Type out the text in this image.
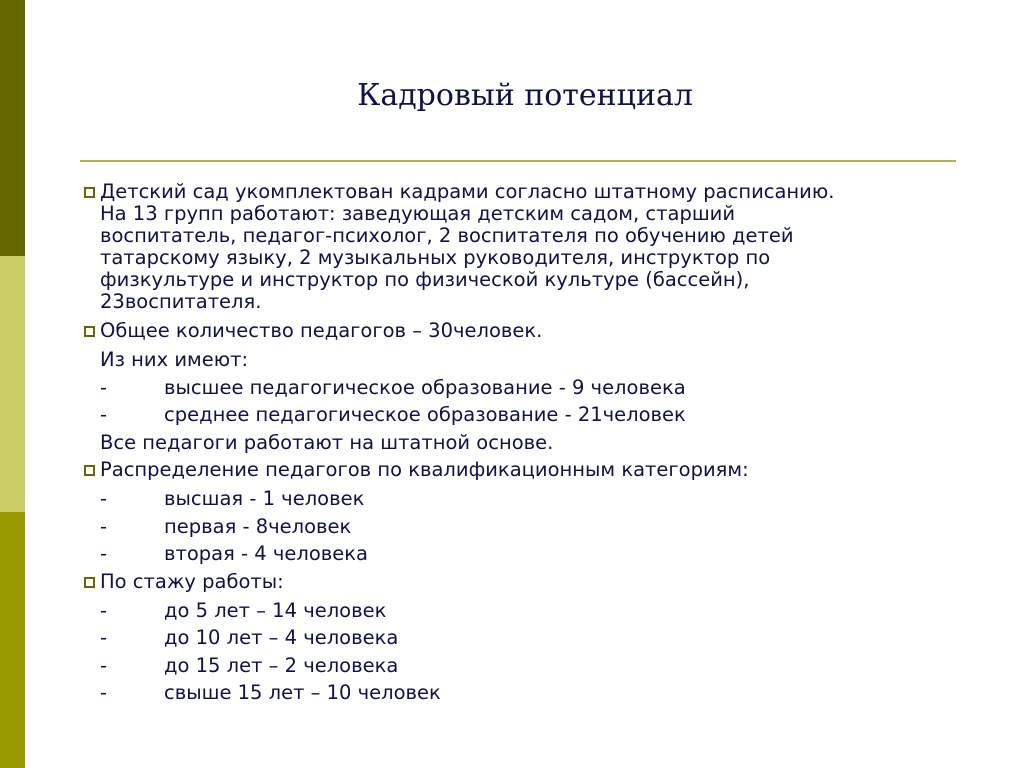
Кадровый потенциал
Детский сад укомплектован кадрами согласно штатному расписанию.
На 13 групп работают: заведующая детским садом, старший
воспитатель, педагог-психолог, 2 воспитателя по обучению детей
татарскому языку, 2 музыкальных руководителя, инструктор по
физкультуре и инструктор по физической культуре (бассейн),
23воспитателя.
Общее количество педагогов – 30человек.
Из них имеют:
-	высшее педагогическое образование - 9 человека
-	среднее педагогическое образование - 21человек
Все педагоги работают на штатной основе.
Распределение педагогов по квалификационным категориям:
-	высшая - 1 человек
-	первая - 8человек
-	вторая - 4 человека
По стажу работы:
-	до 5 лет – 14 человек
-	до 10 лет – 4 человека
-	до 15 лет – 2 человека
-	свыше 15 лет – 10 человек
